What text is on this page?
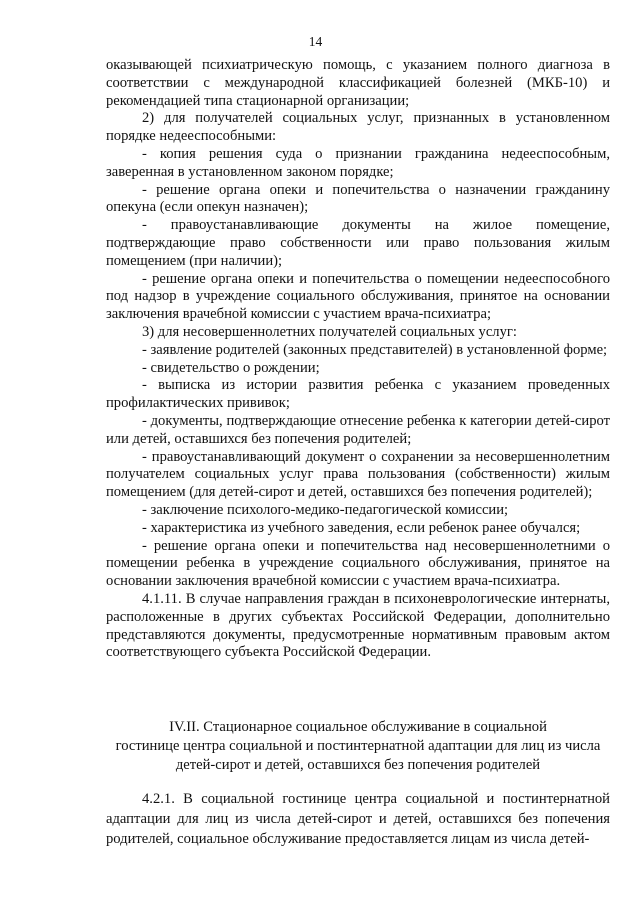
14

оказывающей психиатрическую помощь, с указанием полного диагноза в соответствии с международной классификацией болезней (МКБ-10) и рекомендацией типа стационарной организации;

2) для получателей социальных услуг, признанных в установленном порядке недееспособными:

- копия решения суда о признании гражданина недееспособным, заверенная в установленном законом порядке;

- решение органа опеки и попечительства о назначении гражданину опекуна (если опекун назначен);

- правоустанавливающие документы на жилое помещение, подтверждающие право собственности или право пользования жилым помещением (при наличии);

- решение органа опеки и попечительства о помещении недееспособного под надзор в учреждение социального обслуживания, принятое на основании заключения врачебной комиссии с участием врача-психиатра;

3) для несовершеннолетних получателей социальных услуг:

- заявление родителей (законных представителей) в установленной форме;

- свидетельство о рождении;

- выписка из истории развития ребенка с указанием проведенных профилактических прививок;

- документы, подтверждающие отнесение ребенка к категории детей-сирот или детей, оставшихся без попечения родителей;

- правоустанавливающий документ о сохранении за несовершеннолетним получателем социальных услуг права пользования (собственности) жилым помещением (для детей-сирот и детей, оставшихся без попечения родителей);

- заключение психолого-медико-педагогической комиссии;

- характеристика из учебного заведения, если ребенок ранее обучался;

- решение органа опеки и попечительства над несовершеннолетними о помещении ребенка в учреждение социального обслуживания, принятое на основании заключения врачебной комиссии с участием врача-психиатра.

4.1.11. В случае направления граждан в психоневрологические интернаты, расположенные в других субъектах Российской Федерации, дополнительно представляются документы, предусмотренные нормативным правовым актом соответствующего субъекта Российской Федерации.

IV.II. Стационарное социальное обслуживание в социальной
гостинице центра социальной и постинтернатной адаптации для лиц из числа
детей-сирот и детей, оставшихся без попечения родителей

4.2.1. В социальной гостинице центра социальной и постинтернатной адаптации для лиц из числа детей-сирот и детей, оставшихся без попечения родителей, социальное обслуживание предоставляется лицам из числа детей-
